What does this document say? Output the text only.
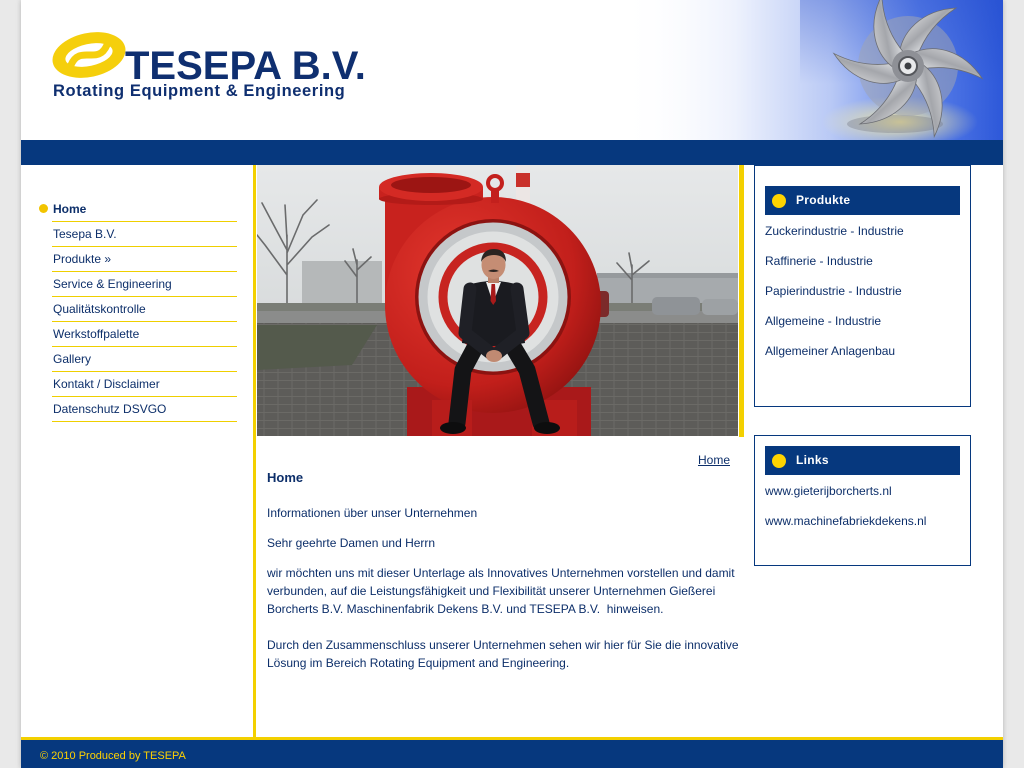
TESEPA B.V.
Rotating Equipment & Engineering
Home
Tesepa B.V.
Produkte »
Service & Engineering
Qualitätskontrolle
Werkstoffpalette
Gallery
Kontakt / Disclaimer
Datenschutz DSVGO
Home
Home

Informationen über unser Unternehmen

Sehr geehrte Damen und Herrn

wir möchten uns mit dieser Unterlage als Innovatives Unternehmen vorstellen und damit verbunden, auf die Leistungsfähigkeit und Flexibilität unserer Unternehmen Gießerei Borcherts B.V. Maschinenfabrik Dekens B.V. und TESEPA B.V.  hinweisen.

Durch den Zusammenschluss unserer Unternehmen sehen wir hier für Sie die innovative Lösung im Bereich Rotating Equipment and Engineering.

Produkte
Zuckerindustrie - Industrie
Raffinerie - Industrie
Papierindustrie - Industrie
Allgemeine - Industrie
Allgemeiner Anlagenbau
Links
www.gieterijborcherts.nl
www.machinefabriekdekens.nl
© 2010 Produced by TESEPA
